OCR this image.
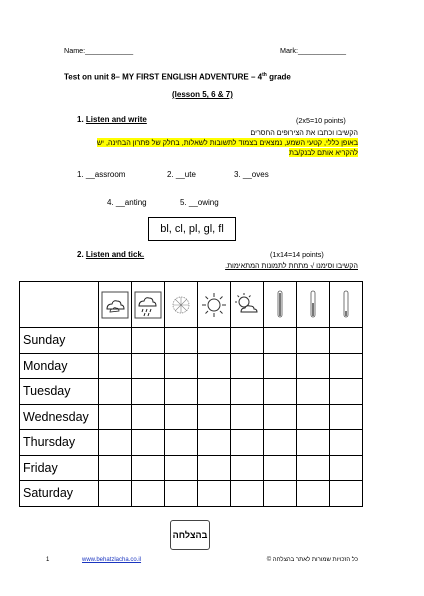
Name:____________	Mark:____________
Test on unit 8– MY FIRST ENGLISH ADVENTURE – 4th grade
(lesson 5, 6 & 7)
1. Listen and write	(2x5=10 points)
הקשיבו וכתבו את הצירופים החסרים
באופן כללי, קטעי השמע, נמצאים בצמוד לתשובות לשאלות, בחלק של פתרון הבחינה, יש
להקריא אותם לבנק/בת
1. __assroom	2. __ute	3. __oves
4. __anting	5. __owing
bl, cl, pl, gl, fl
2. Listen and tick.	(1x14=14 points)
הקשיבו וסימנו √ מתחת לתמונות המתאימות.

Sunday								
Monday								
Tuesday								
Wednesday								
Thursday								
Friday								
Saturday								
בהצלחה
1	www.behatzlacha.co.il	כל הזכויות שמורות לאתר בהצלחה ©
